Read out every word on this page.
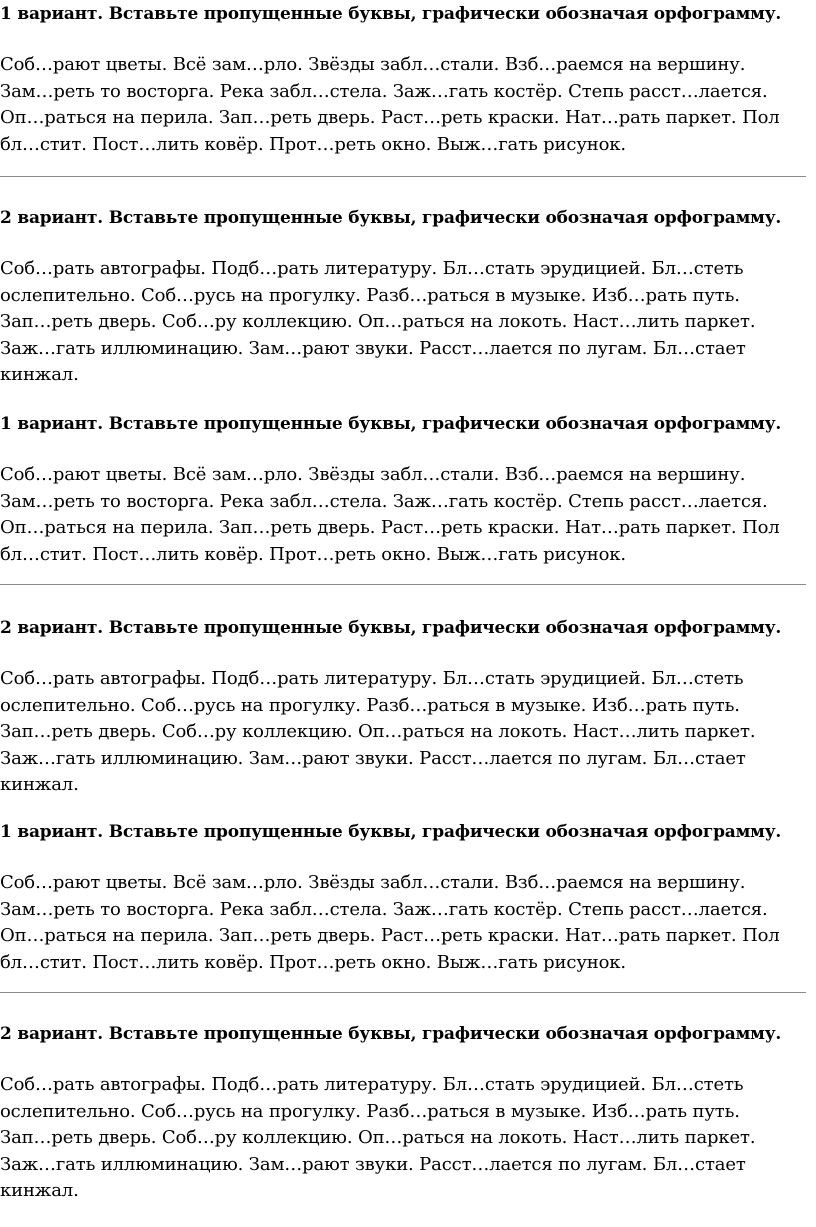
1 вариант. Вставьте пропущенные буквы, графически обозначая орфограмму.
Соб…рают цветы. Всё зам…рло. Звёзды забл…стали. Взб…раемся на вершину.
Зам…реть то восторга. Река забл…стела. Заж…гать костёр. Степь расст…лается.
Оп…раться на перила. Зап…реть дверь. Раст…реть краски. Нат…рать паркет. Пол
бл…стит. Пост…лить ковёр. Прот…реть окно. Выж…гать рисунок.
2 вариант. Вставьте пропущенные буквы, графически обозначая орфограмму.
Соб…рать автографы. Подб…рать литературу. Бл…стать эрудицией. Бл…стеть
ослепительно. Соб…русь на прогулку. Разб…раться в музыке. Изб…рать путь.
Зап…реть дверь. Соб…ру коллекцию. Оп…раться на локоть. Наст…лить паркет.
Заж…гать иллюминацию. Зам…рают звуки. Расст…лается по лугам. Бл…стает
кинжал.
1 вариант. Вставьте пропущенные буквы, графически обозначая орфограмму.
Соб…рают цветы. Всё зам…рло. Звёзды забл…стали. Взб…раемся на вершину.
Зам…реть то восторга. Река забл…стела. Заж…гать костёр. Степь расст…лается.
Оп…раться на перила. Зап…реть дверь. Раст…реть краски. Нат…рать паркет. Пол
бл…стит. Пост…лить ковёр. Прот…реть окно. Выж…гать рисунок.
2 вариант. Вставьте пропущенные буквы, графически обозначая орфограмму.
Соб…рать автографы. Подб…рать литературу. Бл…стать эрудицией. Бл…стеть
ослепительно. Соб…русь на прогулку. Разб…раться в музыке. Изб…рать путь.
Зап…реть дверь. Соб…ру коллекцию. Оп…раться на локоть. Наст…лить паркет.
Заж…гать иллюминацию. Зам…рают звуки. Расст…лается по лугам. Бл…стает
кинжал.
1 вариант. Вставьте пропущенные буквы, графически обозначая орфограмму.
Соб…рают цветы. Всё зам…рло. Звёзды забл…стали. Взб…раемся на вершину.
Зам…реть то восторга. Река забл…стела. Заж…гать костёр. Степь расст…лается.
Оп…раться на перила. Зап…реть дверь. Раст…реть краски. Нат…рать паркет. Пол
бл…стит. Пост…лить ковёр. Прот…реть окно. Выж…гать рисунок.
2 вариант. Вставьте пропущенные буквы, графически обозначая орфограмму.
Соб…рать автографы. Подб…рать литературу. Бл…стать эрудицией. Бл…стеть
ослепительно. Соб…русь на прогулку. Разб…раться в музыке. Изб…рать путь.
Зап…реть дверь. Соб…ру коллекцию. Оп…раться на локоть. Наст…лить паркет.
Заж…гать иллюминацию. Зам…рают звуки. Расст…лается по лугам. Бл…стает
кинжал.
